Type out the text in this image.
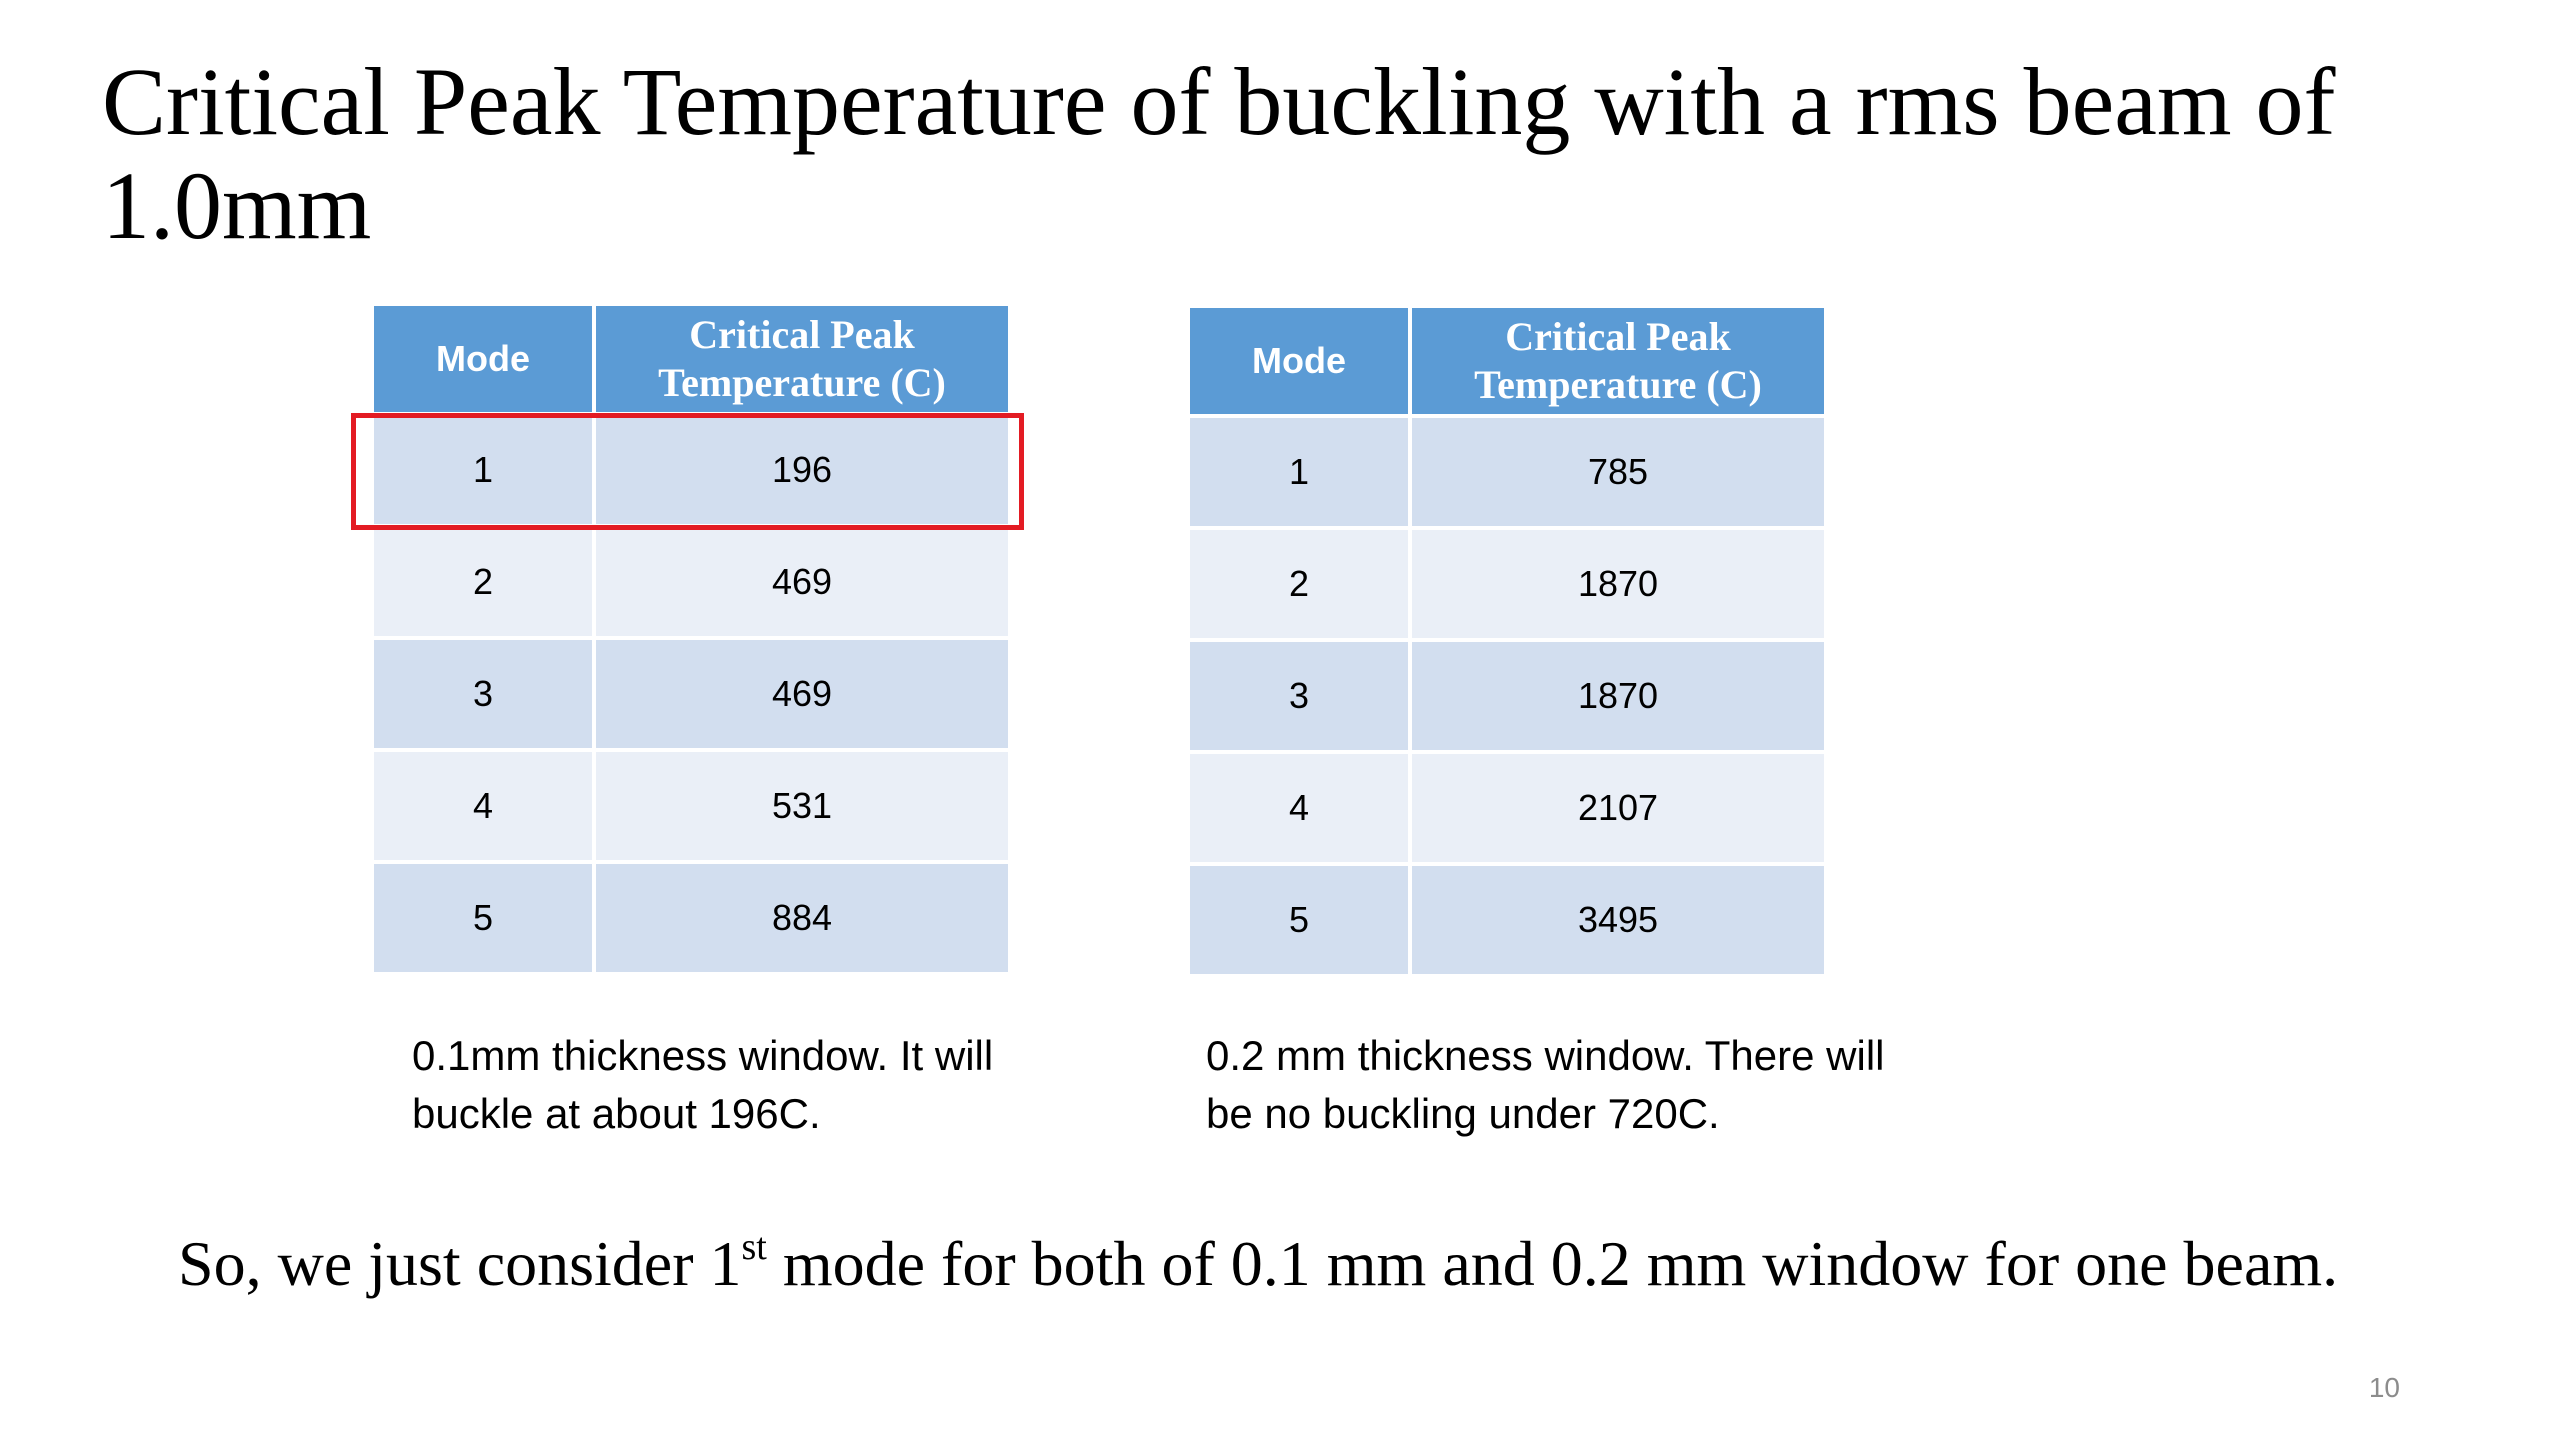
Critical Peak Temperature of buckling with a rms beam of 1.0mm
Mode	Critical Peak Temperature (C)
1	196
2	469
3	469
4	531
5	884
Mode	Critical Peak Temperature (C)
1	785
2	1870
3	1870
4	2107
5	3495

0.1mm thickness window. It will buckle at about 196C.

0.2 mm thickness window. There will be no buckling under 720C.

So, we just consider 1st mode for both of 0.1 mm and 0.2 mm window for one beam.

10
